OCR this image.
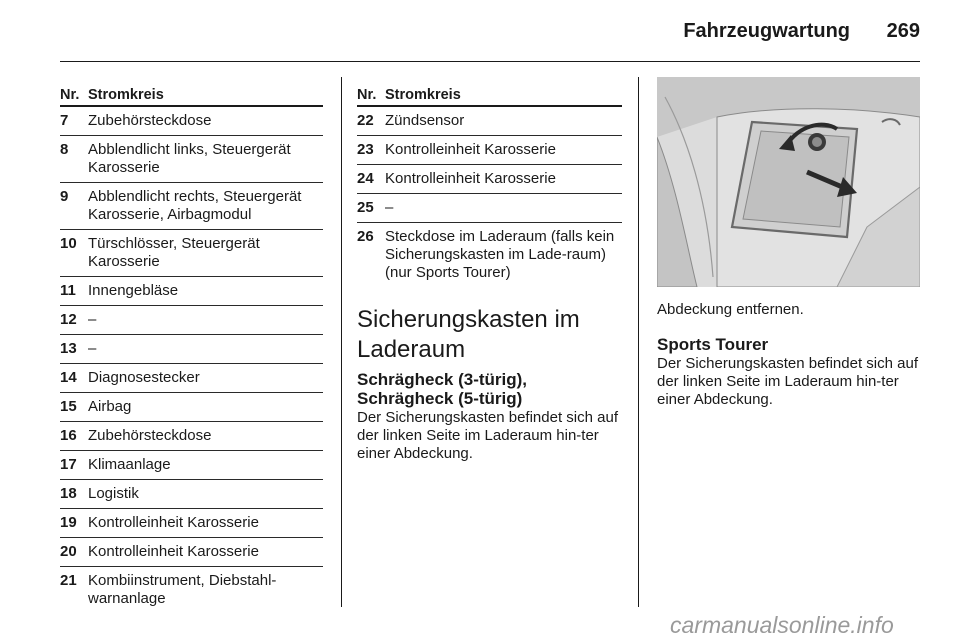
Fahrzeugwartung	269
Nr. Stromkreis
7	Zubehörsteckdose
8	Abblendlicht links, Steuergerät Karosserie
9	Abblendlicht rechts, Steuergerät Karosserie, Airbagmodul
10 Türschlösser, Steuergerät Karosserie
11 Innengebläse
12 –
13 –
14 Diagnosestecker
15 Airbag
16 Zubehörsteckdose
17 Klimaanlage
18 Logistik
19 Kontrolleinheit Karosserie
20 Kontrolleinheit Karosserie
21 Kombiinstrument, Diebstahl-warnanlage
Nr. Stromkreis
22 Zündsensor
23 Kontrolleinheit Karosserie
24 Kontrolleinheit Karosserie
25 –
26 Steckdose im Laderaum (falls kein Sicherungskasten im Lade-raum) (nur Sports Tourer)
Sicherungskasten im Laderaum
Schrägheck (3-türig), Schrägheck (5-türig)
Der Sicherungskasten befindet sich auf der linken Seite im Laderaum hin-ter einer Abdeckung.
Abdeckung entfernen.
Sports Tourer
Der Sicherungskasten befindet sich auf der linken Seite im Laderaum hin-ter einer Abdeckung.
carmanualsonline.info
